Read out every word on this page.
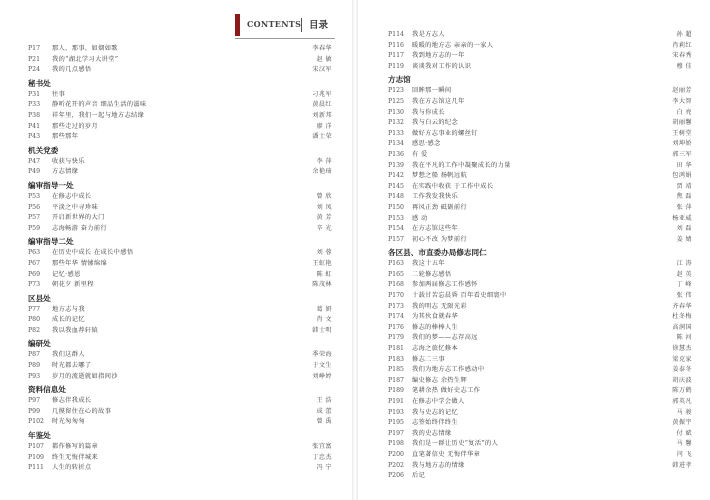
CONTENTS 目录
P17	那人、那事，如烟如歌	李春华
P21	我的“湖北学习大讲堂”	赵 敏
P24	我的几点感悟	宋汉军
秘书处
P31	往事	刁兆军
P33	静听花开的声音 细品生活的滋味	黄晨红
P38	祥年里，我们一起与地方志结缘	刘新邦
P41	那些走过的岁月	廖 洋
P43	那些那年	潘士荣
机关党委
P47	收获与快乐	李 萍
P49	方志情缘	余艳琦
编审指导一处
P53	在修志中成长	曾 欣
P56	平淡之中寻珍味	刘 凤
P57	开启新世界的大门	黄 芳
P59	志海畅游 奋力前行	辛 光
编审指导二处
P63	在历史中成长 在成长中感悟	刘 蓉
P67	那些年华 情愫绵绵	王虹艳
P69	记忆·感恩	陈 虹
P73	朝花夕 新里程	陈茂林
区县处
P77	地方志与我	葛 妍
P80	成长的记忆	肖 文
P82	我以我血荐轩辕	韩士明
编研处
P87	我们这群人	季荣海
P89	时光都去哪了	于文生
P93	岁月的流逝就如指间沙	刘峥婷
资料信息处
P97	修志伴我成长	王 浩
P99	几摸留住在心的故事	成 蕾
P102	时光匆匆匆	曾 禹
年鉴处
P107	都作修写的篇章	张宜富
P109	终生无悔伴城来	丁忠杰
P111	人生的转折点	冯 宁
P114	我是方志人	孙 超
P116	暖暖的地方志 亲亲的一家人	肖莉红
P117	我到地方志的一年	宋春秀
P119	谈谈我对工作的认识	穆 佳
方志馆
P123	回眸那一瞬间	赵丽芳
P125	我在方志馆这几年	李大智
P130	我与你成长	白 亮
P132	我与白云的纪念	胡丽馨
P133	做好方志事业的螺丝钉	王树堂
P134	感思·感念	刘坤娇
P136	有 爱	郭三军
P139	我在平凡的工作中凝聚成长的力量	田 华
P142	梦想之船 扬帆远航	包鸿娟
P145	在实践中收获 于工作中成长	贾 靖
P148	工作我发我快乐	焦 磊
P150	再风正劲 砥砺前行	张 萍
P153	感 动	杨亚威
P154	在方志馆这些年	刘 磊
P157	初心不改 为梦前行	姜 婧
各区县、市直委办局修志同仁
P163	我这十五年	江 涛
P165	二轮修志感悟	赵 英
P168	参加两届修志工作感怀	丁 峰
P170	十载甘苦忘晨昏 百年看史细寰中	张 伟
P173	我的明志 无限光彩	齐春华
P174	为其伙食就春华	杜冬梅
P176	修志的棒棒人生	高润国
P179	我们的梦——志存高远	陈 河
P181	志海之旅忆修本	徐慧杰
P183	修志二三事	梁克家
P185	我们为地方志工作感动中	姜泰冬
P187	编史修志 余热生辉	胡庆波
P189	笔耕余热 做好史志工作	陈万鹤
P191	在修志中学会做人	郭英凡
P193	我与史志的记忆	马 骏
P195	志签始终伴终生	黄振宇
P197	我的史志情缘	付 斌
P198	我们是一群让历史“复活”的人	马 馨
P200	直笔著信史 无悔伴华章	闫 飞
P202	我与地方志的情缘	韩进孝
P206	后记
